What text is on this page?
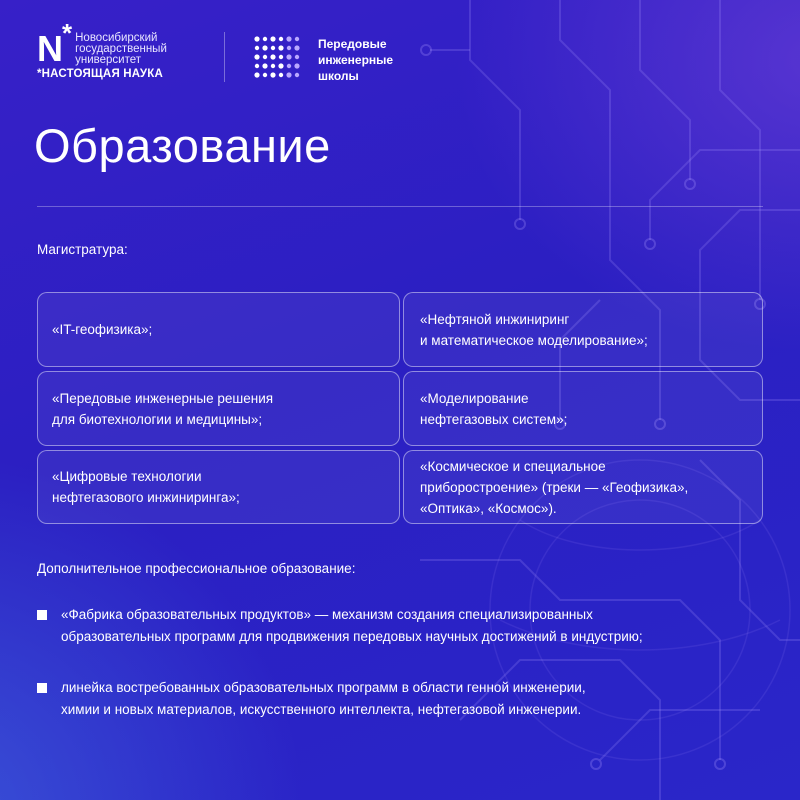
N* Новосибирский
государственный
университет
*НАСТОЯЩАЯ НАУКА
Передовые
инженерные
школы
Образование
Магистратура:
«IT-геофизика»;
«Нефтяной инжиниринг
и математическое моделирование»;
«Передовые инженерные решения
для биотехнологии и медицины»;
«Моделирование
нефтегазовых систем»;
«Цифровые технологии
нефтегазового инжиниринга»;
«Космическое и специальное
приборостроение» (треки — «Геофизика»,
«Оптика», «Космос»).
Дополнительное профессиональное образование:
«Фабрика образовательных продуктов» — механизм создания специализированных
образовательных программ для продвижения передовых научных достижений в индустрию;
линейка востребованных образовательных программ в области генной инженерии,
химии и новых материалов, искусственного интеллекта, нефтегазовой инженерии.
